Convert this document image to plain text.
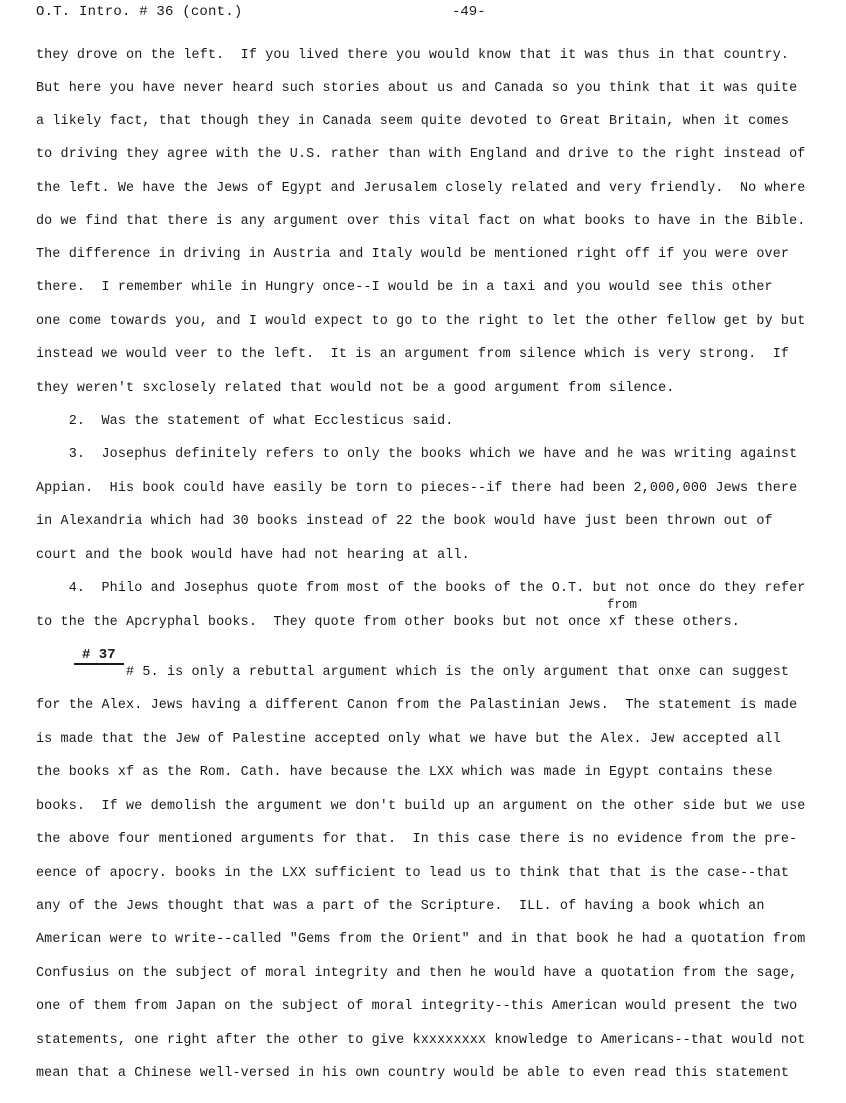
O.T. Intro. # 36 (cont.)	-49-
they drove on the left.  If you lived there you would know that it was thus in that country.
But here you have never heard such stories about us and Canada so you think that it was quite
a likely fact, that though they in Canada seem quite devoted to Great Britain, when it comes
to driving they agree with the U.S. rather than with England and drive to the right instead of
the left. We have the Jews of Egypt and Jerusalem closely related and very friendly.  No where
do we find that there is any argument over this vital fact on what books to have in the Bible.
The difference in driving in Austria and Italy would be mentioned right off if you were over
there.  I remember while in Hungry once--I would be in a taxi and you would see this other
one come towards you, and I would expect to go to the right to let the other fellow get by but
instead we would veer to the left.  It is an argument from silence which is very strong.  If
they weren't sxclosely related that would not be a good argument from silence.
2.  Was the statement of what Ecclesticus said.
3.  Josephus definitely refers to only the books which we have and he was writing against
Appian.  His book could have easily be torn to pieces--if there had been 2,000,000 Jews there
in Alexandria which had 30 books instead of 22 the book would have just been thrown out of
court and the book would have had not hearing at all.
4.  Philo and Josephus quote from most of the books of the O.T. but not once do they refer
to the the Apcryphal books.  They quote from other books but not once xf these others.
# 5. is only a rebuttal argument which is the only argument that onxe can suggest
for the Alex. Jews having a different Canon from the Palastinian Jews.  The statement is made
is made that the Jew of Palestine accepted only what we have but the Alex. Jew accepted all
the books xf as the Rom. Cath. have because the LXX which was made in Egypt contains these
books.  If we demolish the argument we don't build up an argument on the other side but we use
the above four mentioned arguments for that.  In this case there is no evidence from the pre-
eence of apocry. books in the LXX sufficient to lead us to think that that is the case--that
any of the Jews thought that was a part of the Scripture.  ILL. of having a book which an
American were to write--called "Gems from the Orient" and in that book he had a quotation from
Confusius on the subject of moral integrity and then he would have a quotation from the sage,
one of them from Japan on the subject of moral integrity--this American would present the two
statements, one right after the other to give kxxxxxxxx knowledge to Americans--that would not
mean that a Chinese well-versed in his own country would be able to even read this statement
from
# 37
